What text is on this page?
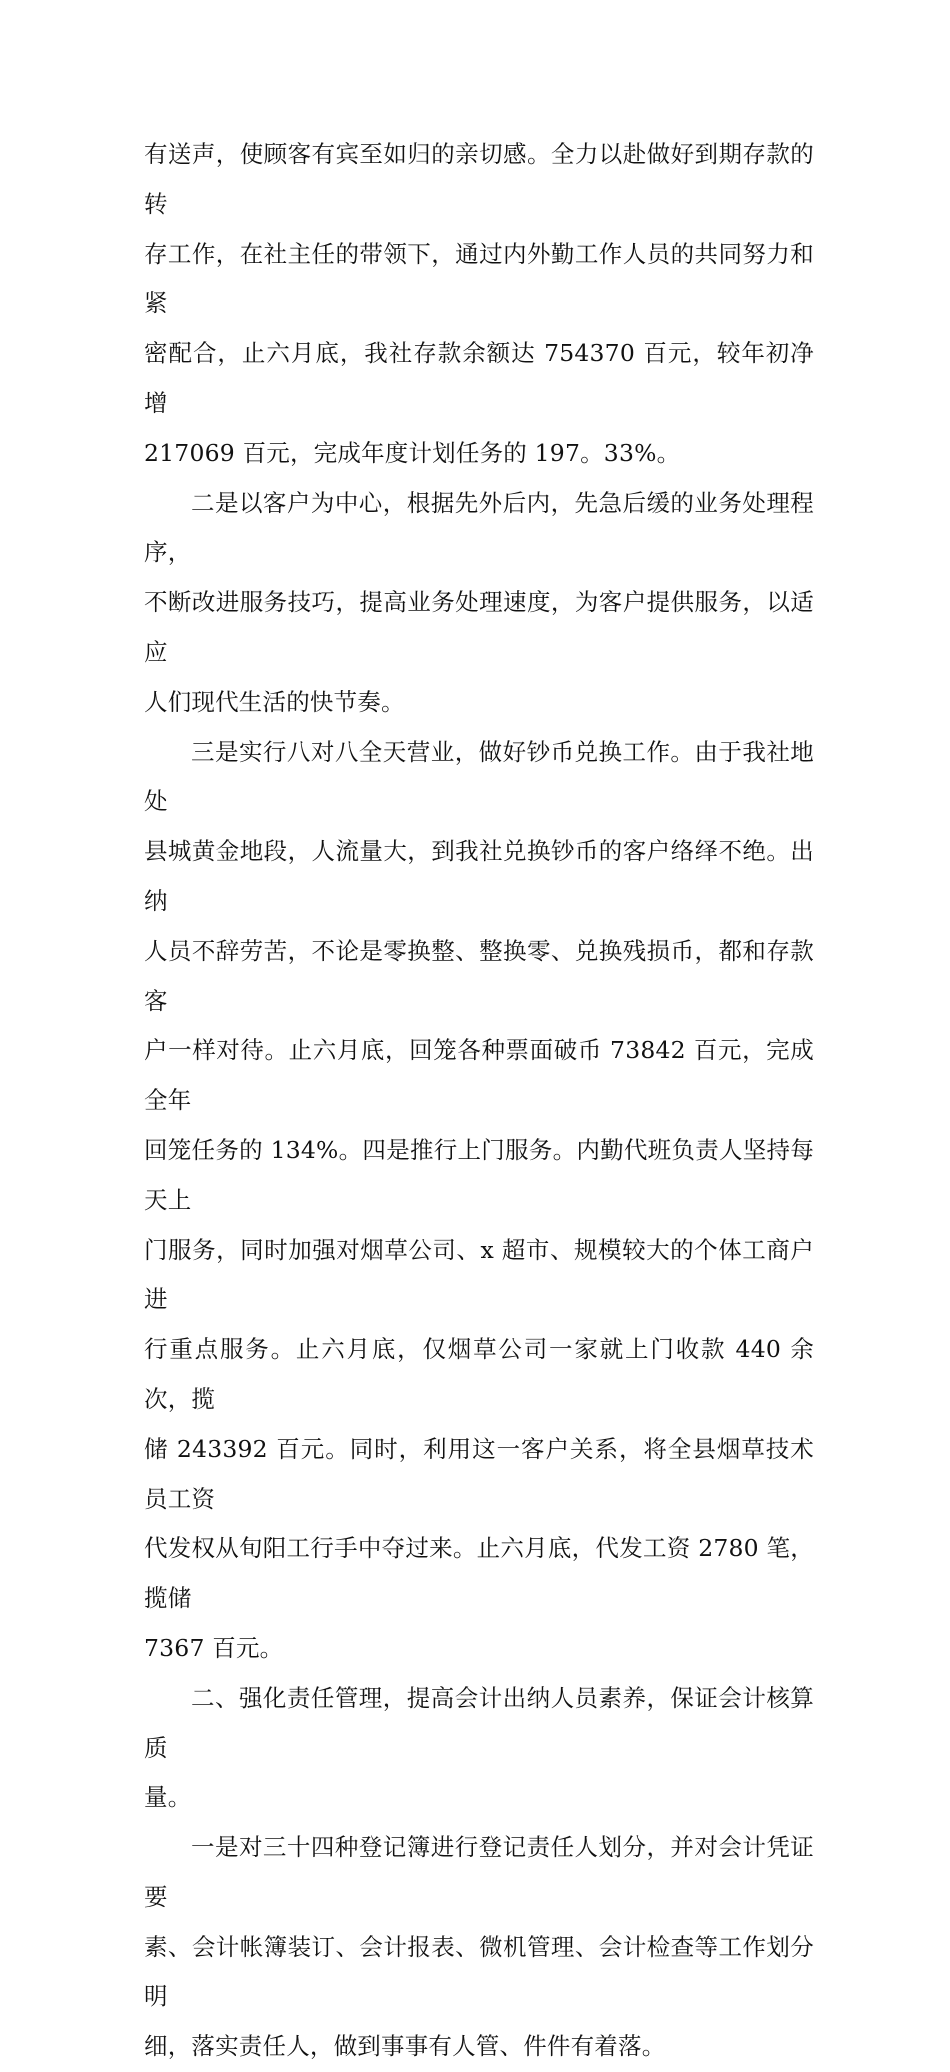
有送声，使顾客有宾至如归的亲切感。全力以赴做好到期存款的转
存工作，在社主任的带领下，通过内外勤工作人员的共同努力和紧
密配合，止六月底，我社存款余额达 754370 百元，较年初净增
217069 百元，完成年度计划任务的 197。33%。

二是以客户为中心，根据先外后内，先急后缓的业务处理程序，
不断改进服务技巧，提高业务处理速度，为客户提供服务，以适应
人们现代生活的快节奏。

三是实行八对八全天营业，做好钞币兑换工作。由于我社地处
县城黄金地段，人流量大，到我社兑换钞币的客户络绎不绝。出纳
人员不辞劳苦，不论是零换整、整换零、兑换残损币，都和存款客
户一样对待。止六月底，回笼各种票面破币 73842 百元，完成全年
回笼任务的 134%。四是推行上门服务。内勤代班负责人坚持每天上
门服务，同时加强对烟草公司、x 超市、规模较大的个体工商户进
行重点服务。止六月底，仅烟草公司一家就上门收款 440 余次，揽
储 243392 百元。同时，利用这一客户关系，将全县烟草技术员工资
代发权从旬阳工行手中夺过来。止六月底，代发工资 2780 笔，揽储
7367 百元。

二、强化责任管理，提高会计出纳人员素养，保证会计核算质
量。

一是对三十四种登记簿进行登记责任人划分，并对会计凭证要
素、会计帐簿装订、会计报表、微机管理、会计检查等工作划分明
细，落实责任人，做到事事有人管、件件有着落。
